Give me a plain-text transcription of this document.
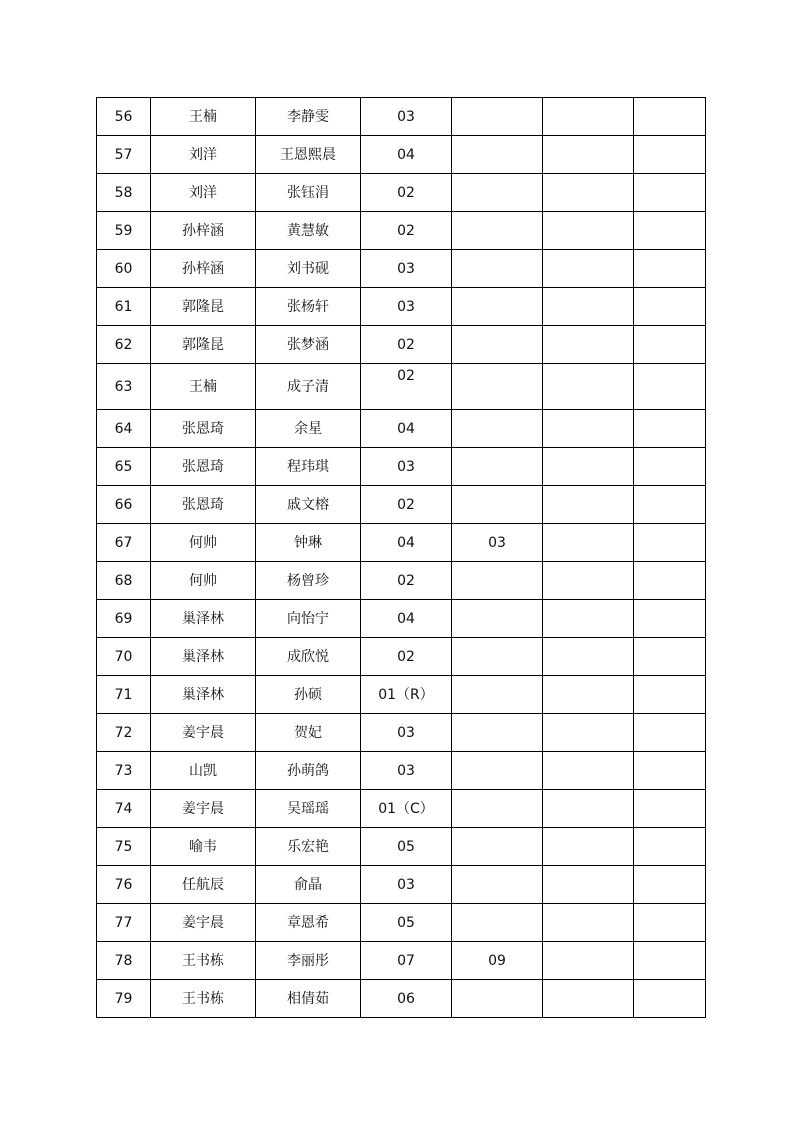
56	王楠	李静雯	03			
57	刘洋	王恩熙晨	04			
58	刘洋	张钰涓	02			
59	孙梓涵	黄慧敏	02			
60	孙梓涵	刘书砚	03			
61	郭隆昆	张杨轩	03			
62	郭隆昆	张梦涵	02			
63	王楠	成子清	02			
64	张恩琦	余星	04			
65	张恩琦	程玮琪	03			
66	张恩琦	戚文榕	02			
67	何帅	钟琳	04	03		
68	何帅	杨曾珍	02			
69	巢泽林	向怡宁	04			
70	巢泽林	成欣悦	02			
71	巢泽林	孙硕	01（R）			
72	姜宇晨	贺妃	03			
73	山凯	孙萌鸽	03			
74	姜宇晨	吴瑶瑶	01（C）			
75	喻韦	乐宏艳	05			
76	任航辰	俞晶	03			
77	姜宇晨	章恩希	05			
78	王书栋	李丽彤	07	09		
79	王书栋	相倩茹	06			
